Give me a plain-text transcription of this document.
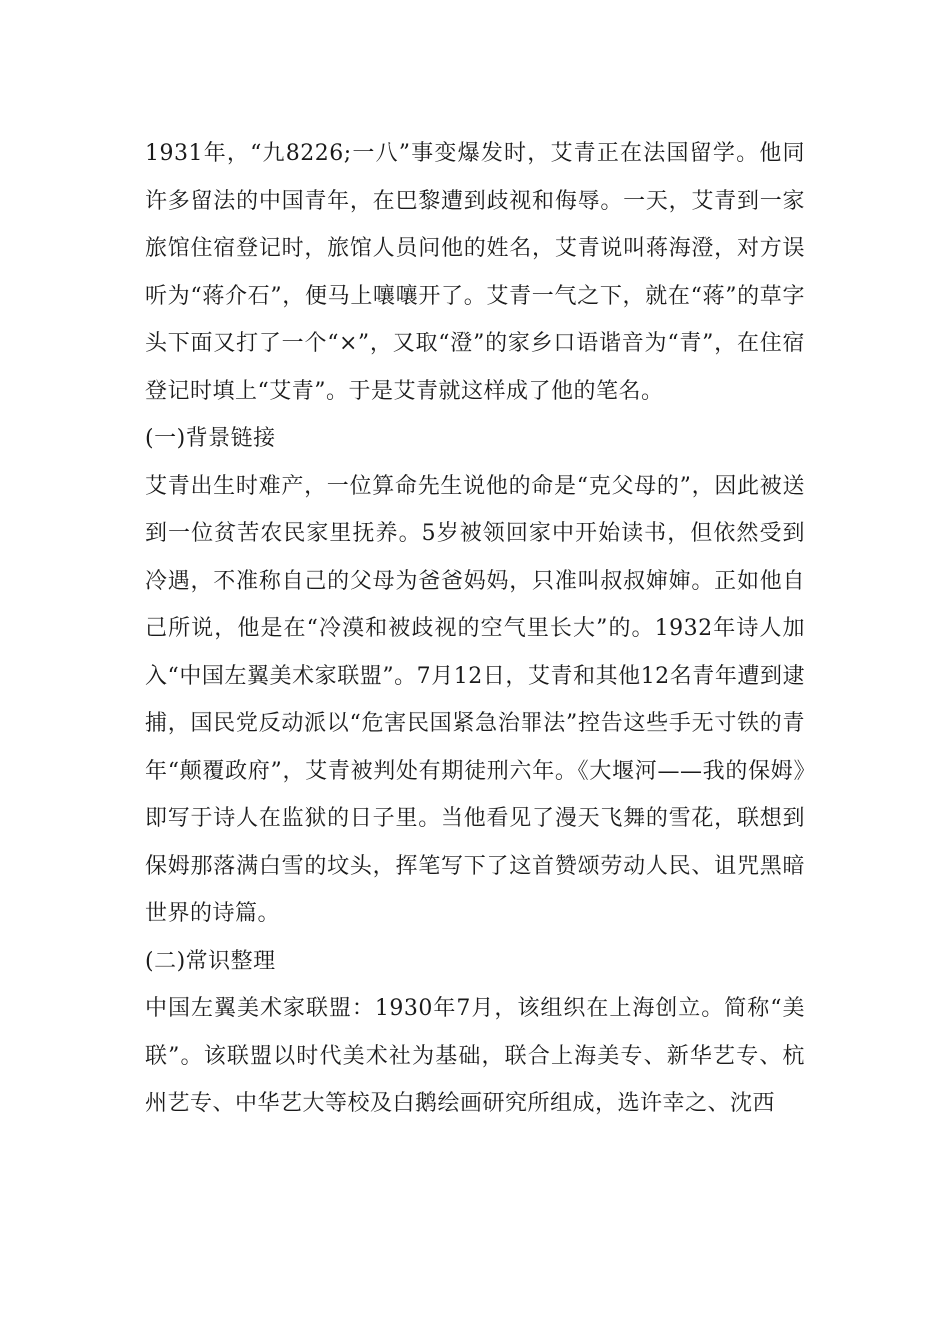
1931年，“九8226;一八”事变爆发时，艾青正在法国留学。他同许多留法的中国青年，在巴黎遭到歧视和侮辱。一天，艾青到一家旅馆住宿登记时，旅馆人员问他的姓名，艾青说叫蒋海澄，对方误听为“蒋介石”，便马上嚷嚷开了。艾青一气之下，就在“蒋”的草字头下面又打了一个“×”，又取“澄”的家乡口语谐音为“青”，在住宿登记时填上“艾青”。于是艾青就这样成了他的笔名。

(一)背景链接

艾青出生时难产，一位算命先生说他的命是“克父母的”，因此被送到一位贫苦农民家里抚养。5岁被领回家中开始读书，但依然受到冷遇，不准称自己的父母为爸爸妈妈，只准叫叔叔婶婶。正如他自己所说，他是在“冷漠和被歧视的空气里长大”的。1932年诗人加入“中国左翼美术家联盟”。7月12日，艾青和其他12名青年遭到逮捕，国民党反动派以“危害民国紧急治罪法”控告这些手无寸铁的青年“颠覆政府”，艾青被判处有期徒刑六年。《大堰河——我的保姆》即写于诗人在监狱的日子里。当他看见了漫天飞舞的雪花，联想到保姆那落满白雪的坟头，挥笔写下了这首赞颂劳动人民、诅咒黑暗世界的诗篇。

(二)常识整理

中国左翼美术家联盟：1930年7月，该组织在上海创立。简称“美联”。该联盟以时代美术社为基础，联合上海美专、新华艺专、杭州艺专、中华艺大等校及白鹅绘画研究所组成，选许幸之、沈西
